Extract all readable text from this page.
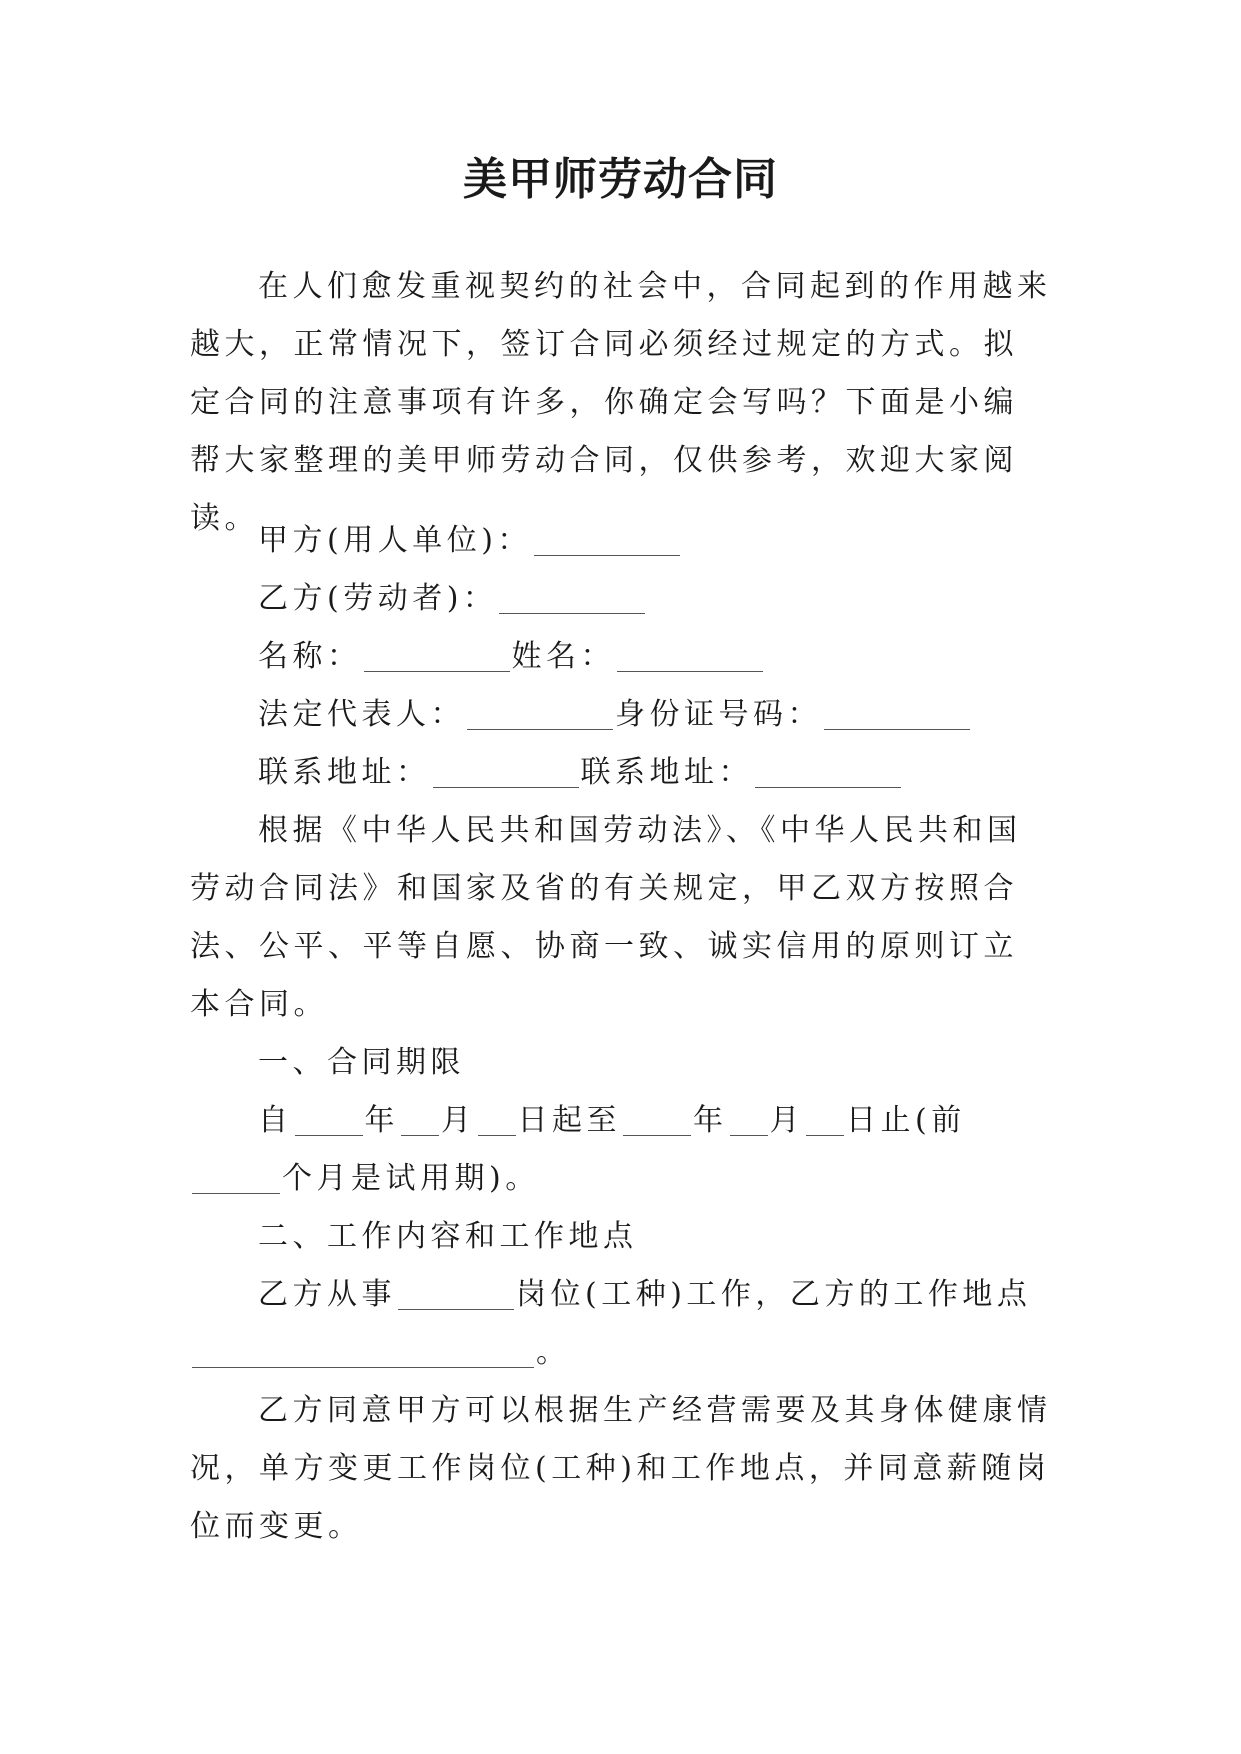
美甲师劳动合同

在人们愈发重视契约的社会中，合同起到的作用越来越大，正常情况下，签订合同必须经过规定的方式。拟定合同的注意事项有许多，你确定会写吗？下面是小编帮大家整理的美甲师劳动合同，仅供参考，欢迎大家阅读。

甲方(用人单位)：

乙方(劳动者)：

名称：	姓名：

法定代表人：	身份证号码：

联系地址：	联系地址：

根据《中华人民共和国劳动法》、《中华人民共和国劳动合同法》和国家及省的有关规定，甲乙双方按照合法、公平、平等自愿、协商一致、诚实信用的原则订立本合同。

一、合同期限

自 年 月 日起至 年 月 日止(前个月是试用期)。

二、工作内容和工作地点

乙方从事	岗位(工种)工作，乙方的工作地点。

乙方同意甲方可以根据生产经营需要及其身体健康情况，单方变更工作岗位(工种)和工作地点，并同意薪随岗位而变更。
